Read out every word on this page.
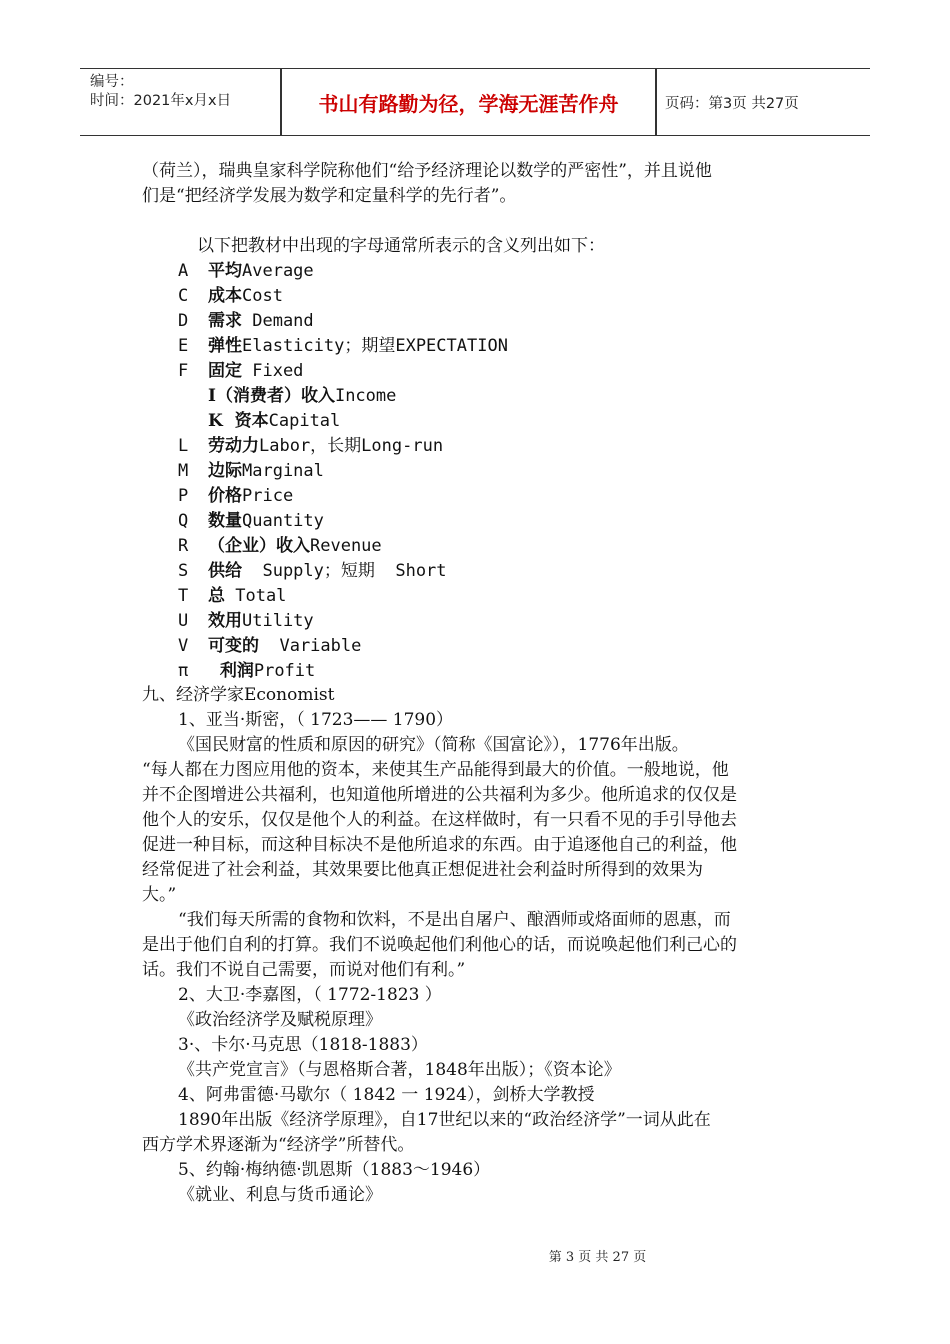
编号：
时间：2021年x月x日	书山有路勤为径，学海无涯苦作舟	页码：第3页 共27页
（荷兰），瑞典皇家科学院称他们“给予经济理论以数学的严密性”，并且说他
们是“把经济学发展为数学和定量科学的先行者”。
以下把教材中出现的字母通常所表示的含义列出如下：
A 平均Average
C 成本Cost
D 需求 Demand
E 弹性Elasticity；期望EXPECTATION
F 固定 Fixed
I（消费者）收入Income
K  资本Capital
L 劳动力Labor，长期Long-run
M 边际Marginal
P 价格Price
Q 数量Quantity
R （企业）收入Revenue
S 供给  Supply；短期  Short
T 总 Total
U 效用Utility
V 可变的  Variable
π  利润Profit
九、经济学家Economist
1、亚当·斯密，（ 1723—— 1790）
《国民财富的性质和原因的研究》（简称《国富论》），1776年出版。
“每人都在力图应用他的资本，来使其生产品能得到最大的价值。一般地说，他
并不企图增进公共福利，也知道他所增进的公共福利为多少。他所追求的仅仅是
他个人的安乐，仅仅是他个人的利益。在这样做时，有一只看不见的手引导他去
促进一种目标，而这种目标决不是他所追求的东西。由于追逐他自己的利益，他
经常促进了社会利益，其效果要比他真正想促进社会利益时所得到的效果为
大。”
“我们每天所需的食物和饮料，不是出自屠户、酿酒师或烙面师的恩惠，而
是出于他们自利的打算。我们不说唤起他们利他心的话，而说唤起他们利己心的
话。我们不说自己需要，而说对他们有利。”
2、大卫·李嘉图，（ 1772-1823 ）
《政治经济学及赋税原理》
3·、卡尔·马克思（1818-1883）
《共产党宣言》（与恩格斯合著，1848年出版）；《资本论》
4、阿弗雷德·马歇尔（ 1842 一 1924），剑桥大学教授
1890年出版《经济学原理》，自17世纪以来的“政治经济学”一词从此在
西方学术界逐渐为“经济学”所替代。
5、约翰·梅纳德·凯恩斯（1883～1946）
《就业、利息与货币通论》
第 3 页 共 27 页
